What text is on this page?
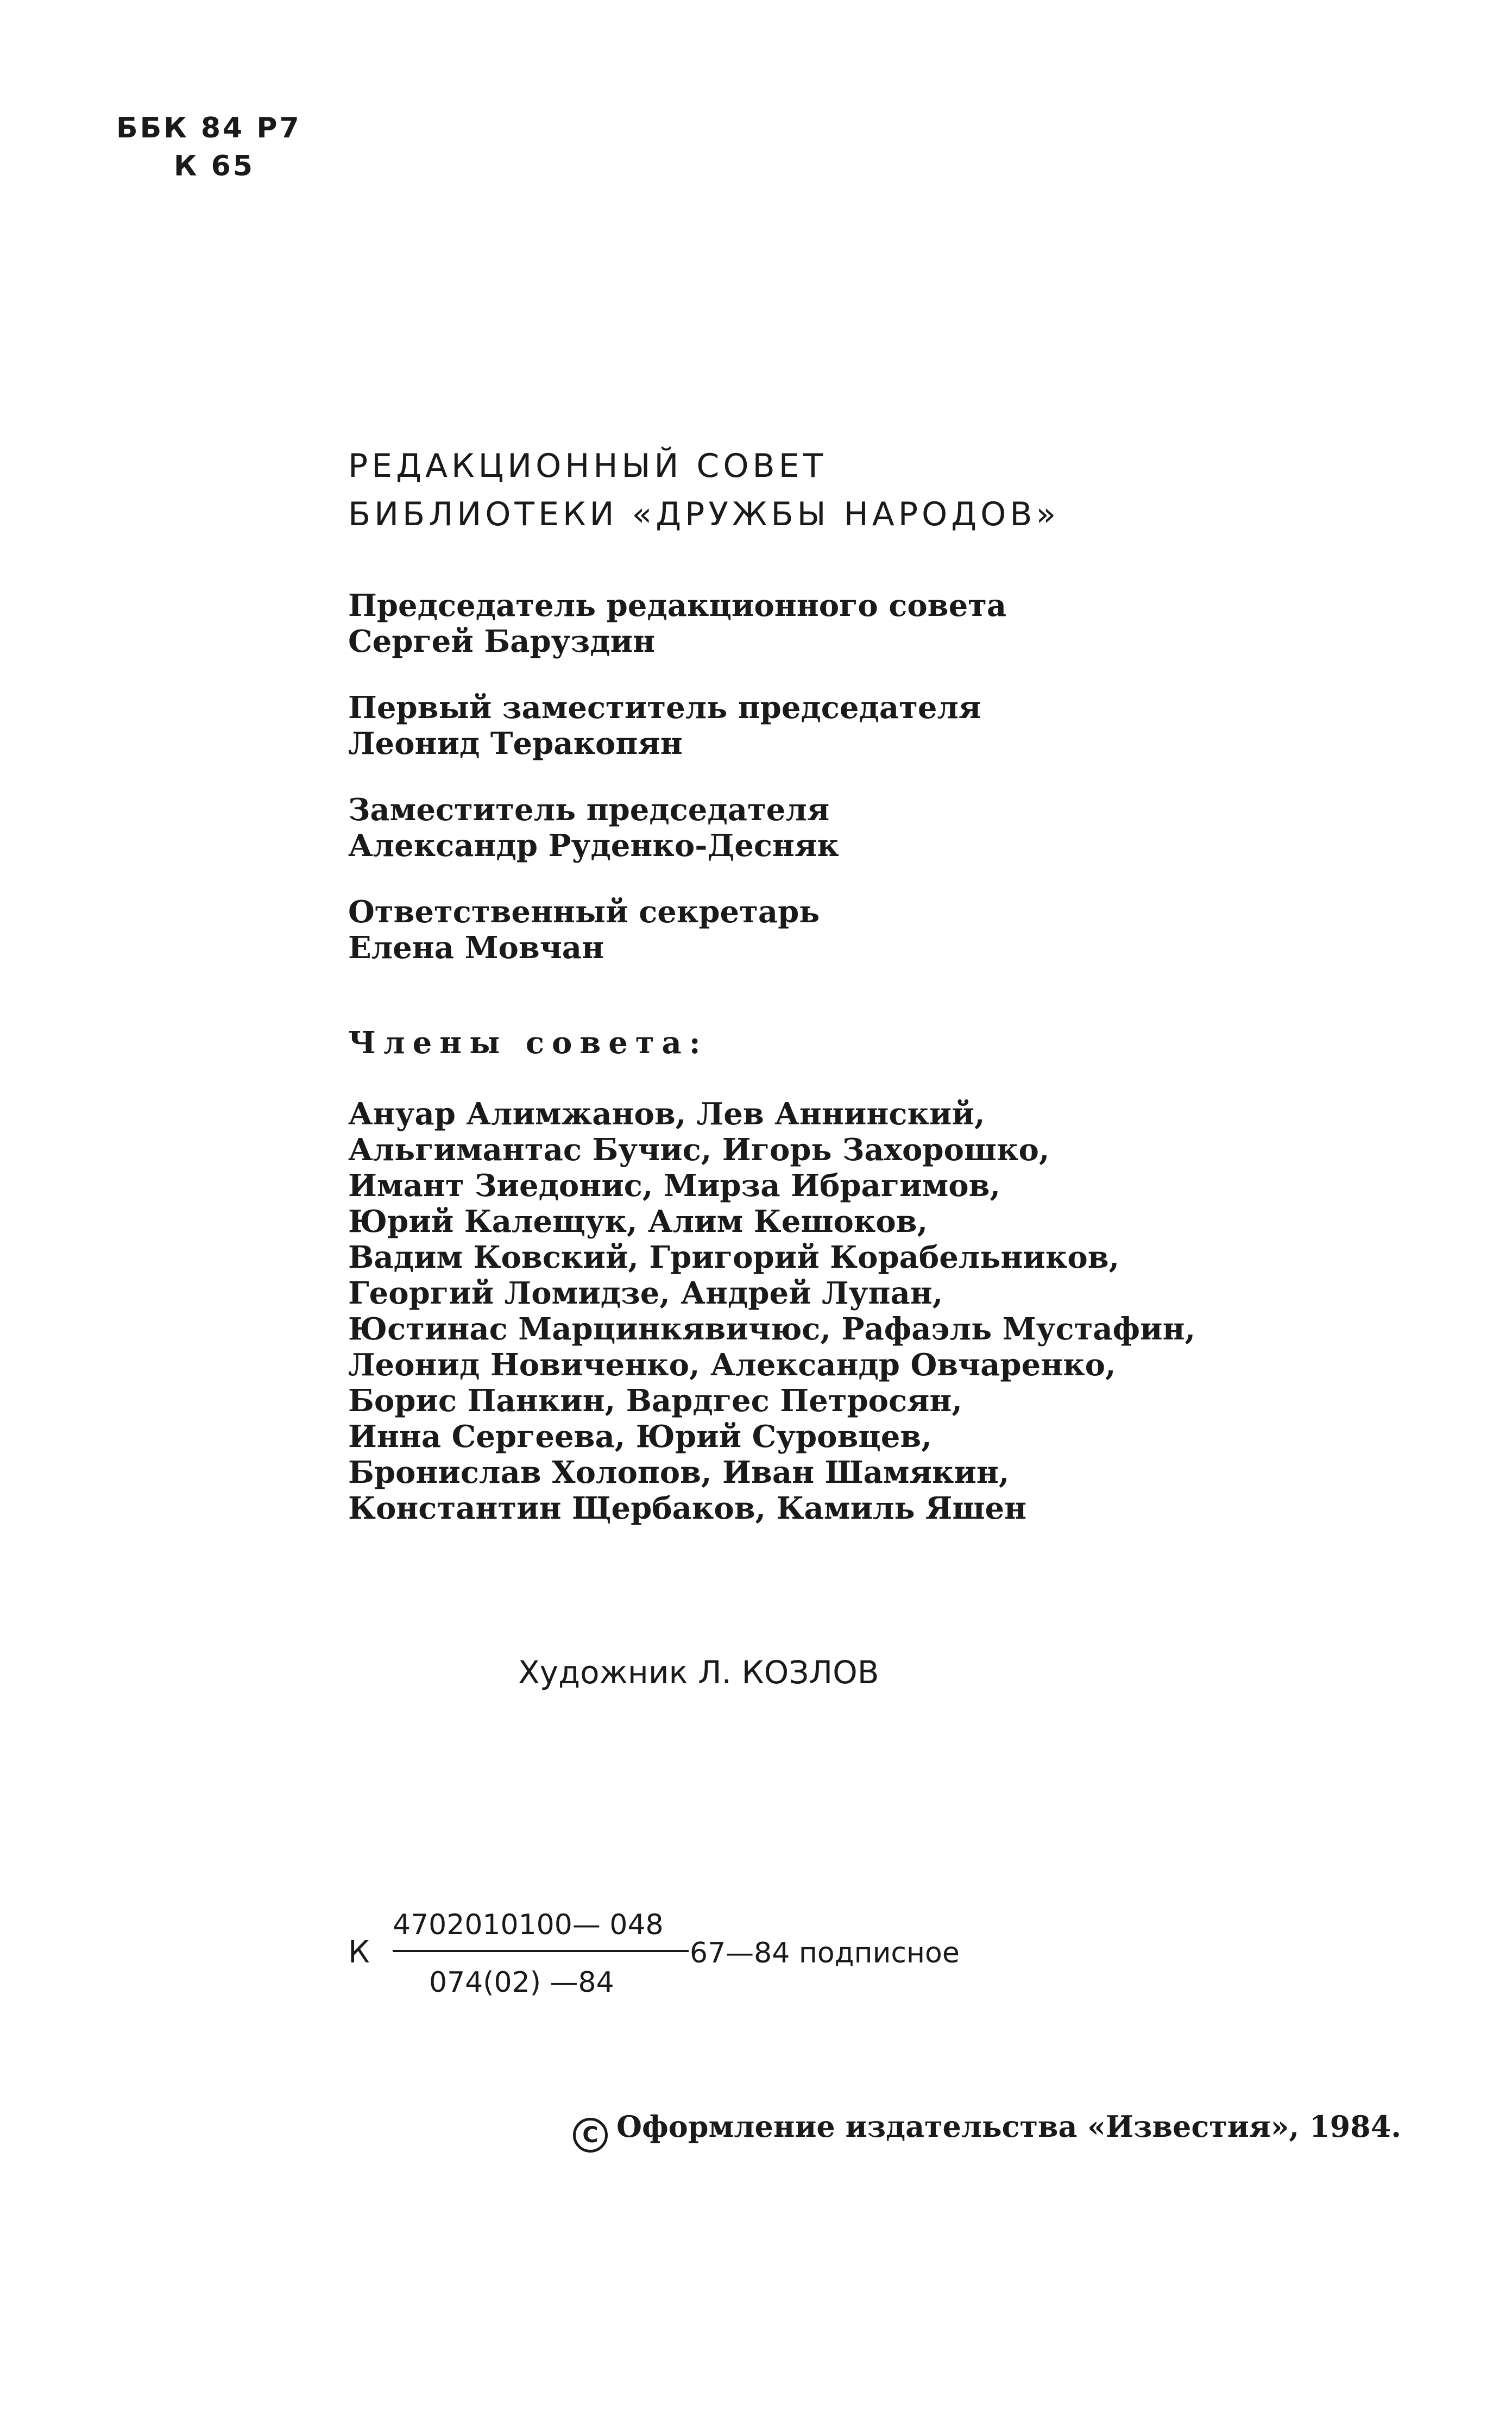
ББК 84 Р7
К 65
РЕДАКЦИОННЫЙ СОВЕТ
БИБЛИОТЕКИ «ДРУЖБЫ НАРОДОВ»
Председатель редакционного совета
Сергей Баруздин
Первый заместитель председателя
Леонид Теракопян
Заместитель председателя
Александр Руденко-Десняк
Ответственный секретарь
Елена Мовчан
Члены совета:
Ануар Алимжанов, Лев Аннинский,
Альгимантас Бучис, Игорь Захорошко,
Имант Зиедонис, Мирза Ибрагимов,
Юрий Калещук, Алим Кешоков,
Вадим Ковский, Григорий Корабельников,
Георгий Ломидзе, Андрей Лупан,
Юстинас Марцинкявичюс, Рафаэль Мустафин,
Леонид Новиченко, Александр Овчаренко,
Борис Панкин, Вардгес Петросян,
Инна Сергеева, Юрий Суровцев,
Бронислав Холопов, Иван Шамякин,
Константин Щербаков, Камиль Яшен
Художник Л. КОЗЛОВ
К
4702010100— 048
074(02) —84
67—84 подписное
C Оформление издательства «Известия», 1984.
